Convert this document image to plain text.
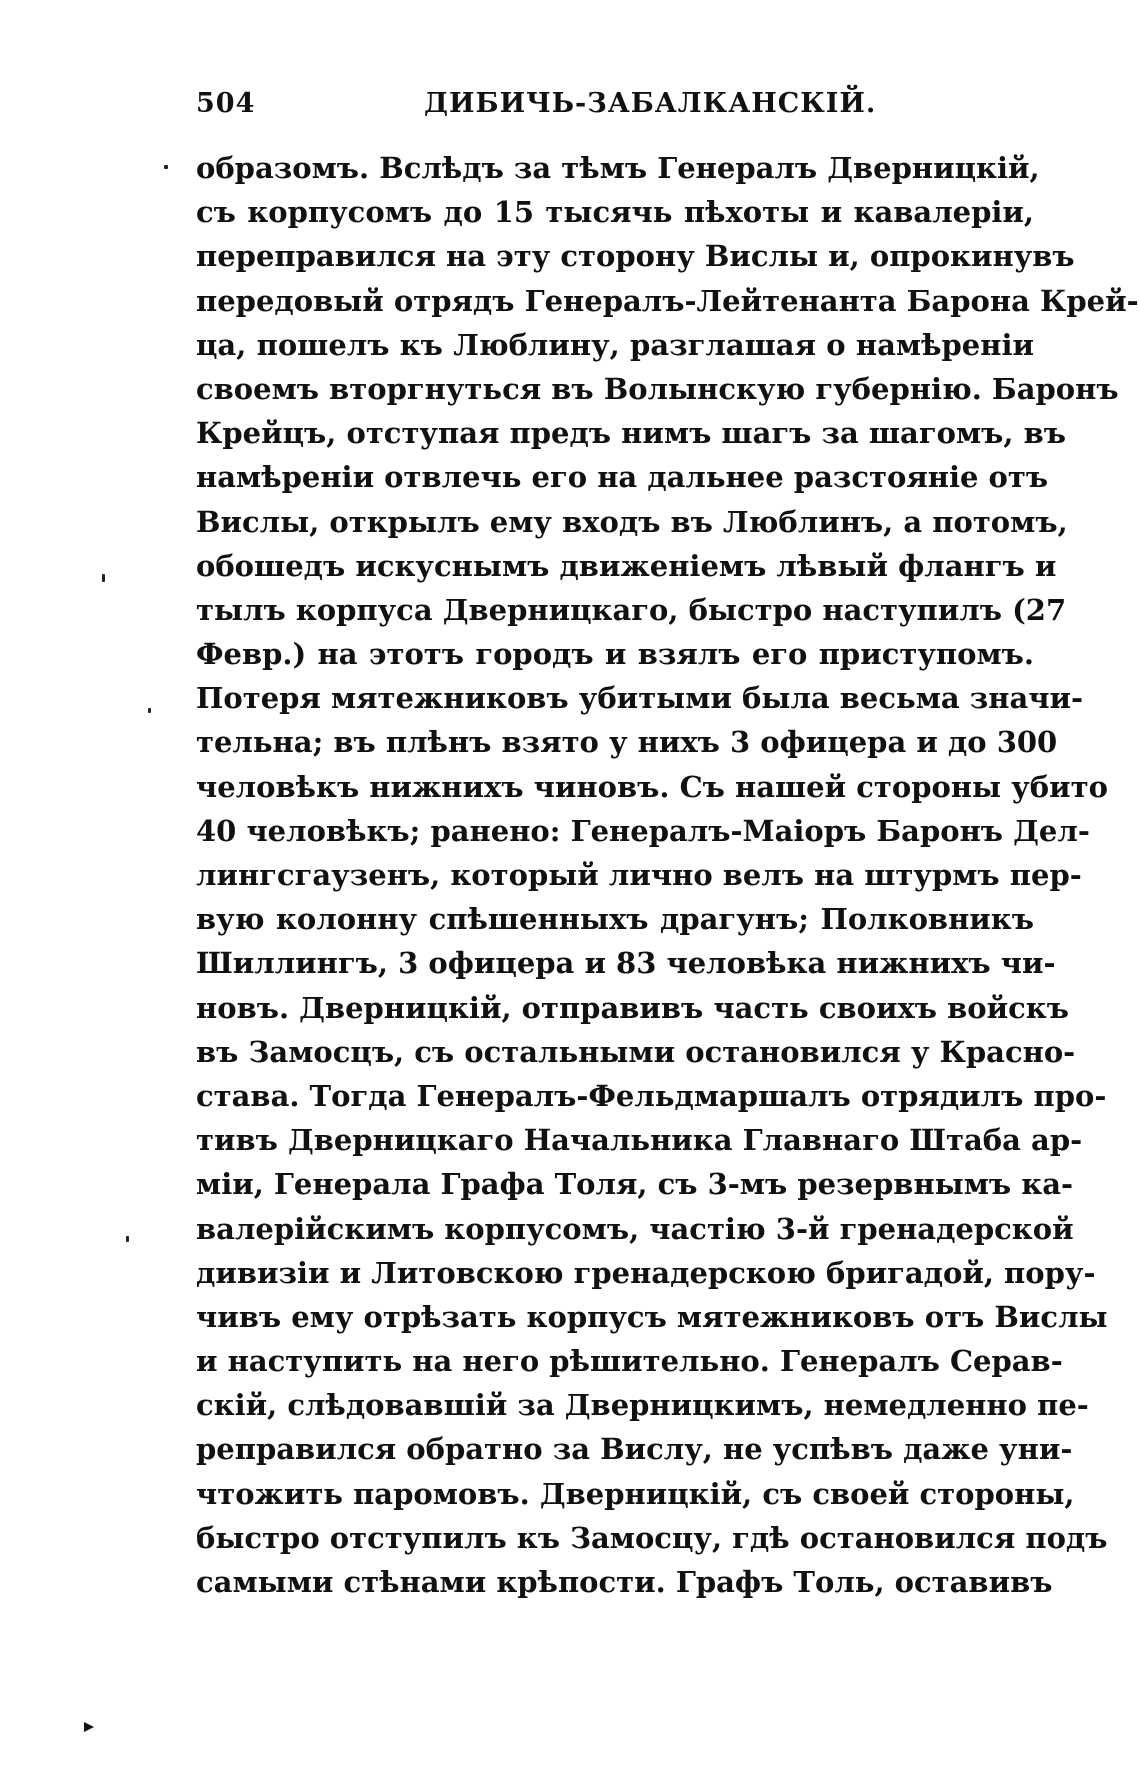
504	ДИБИЧЬ-ЗАБАЛКАНСКІЙ.
образомъ. Вслѣдъ за тѣмъ Генералъ Дверницкій,
съ корпусомъ до 15 тысячь пѣхоты и кавалеріи,
переправился на эту сторону Вислы и, опрокинувъ
передовый отрядъ Генералъ-Лейтенанта Барона Крей-
ца, пошелъ къ Люблину, разглашая о намѣреніи
своемъ вторгнуться въ Волынскую губернію. Баронъ
Крейцъ, отступая предъ нимъ шагъ за шагомъ, въ
намѣреніи отвлечь его на дальнее разстояніе отъ
Вислы, открылъ ему входъ въ Люблинъ, а потомъ,
обошедъ искуснымъ движеніемъ лѣвый флангъ и
тылъ корпуса Дверницкаго, быстро наступилъ (27
Февр.) на этотъ городъ и взялъ его приступомъ.
Потеря мятежниковъ убитыми была весьма значи-
тельна; въ плѣнъ взято у нихъ 3 офицера и до 300
человѣкъ нижнихъ чиновъ. Съ нашей стороны убито
40 человѣкъ; ранено: Генералъ-Маіоръ Баронъ Дел-
лингсгаузенъ, который лично велъ на штурмъ пер-
вую колонну спѣшенныхъ драгунъ; Полковникъ
Шиллингъ, 3 офицера и 83 человѣка нижнихъ чи-
новъ. Дверницкій, отправивъ часть своихъ войскъ
въ Замосцъ, съ остальными остановился у Красно-
става. Тогда Генералъ-Фельдмаршалъ отрядилъ про-
тивъ Дверницкаго Начальника Главнаго Штаба ар-
міи, Генерала Графа Толя, съ 3-мъ резервнымъ ка-
валерійскимъ корпусомъ, частію 3-й гренадерской
дивизіи и Литовскою гренадерскою бригадой, пору-
чивъ ему отрѣзать корпусъ мятежниковъ отъ Вислы
и наступить на него рѣшительно. Генералъ Серав-
скій, слѣдовавшій за Дверницкимъ, немедленно пе-
реправился обратно за Вислу, не успѣвъ даже уни-
чтожить паромовъ. Дверницкій, съ своей стороны,
быстро отступилъ къ Замосцу, гдѣ остановился подъ
самыми стѣнами крѣпости. Графъ Толь, оставивъ
